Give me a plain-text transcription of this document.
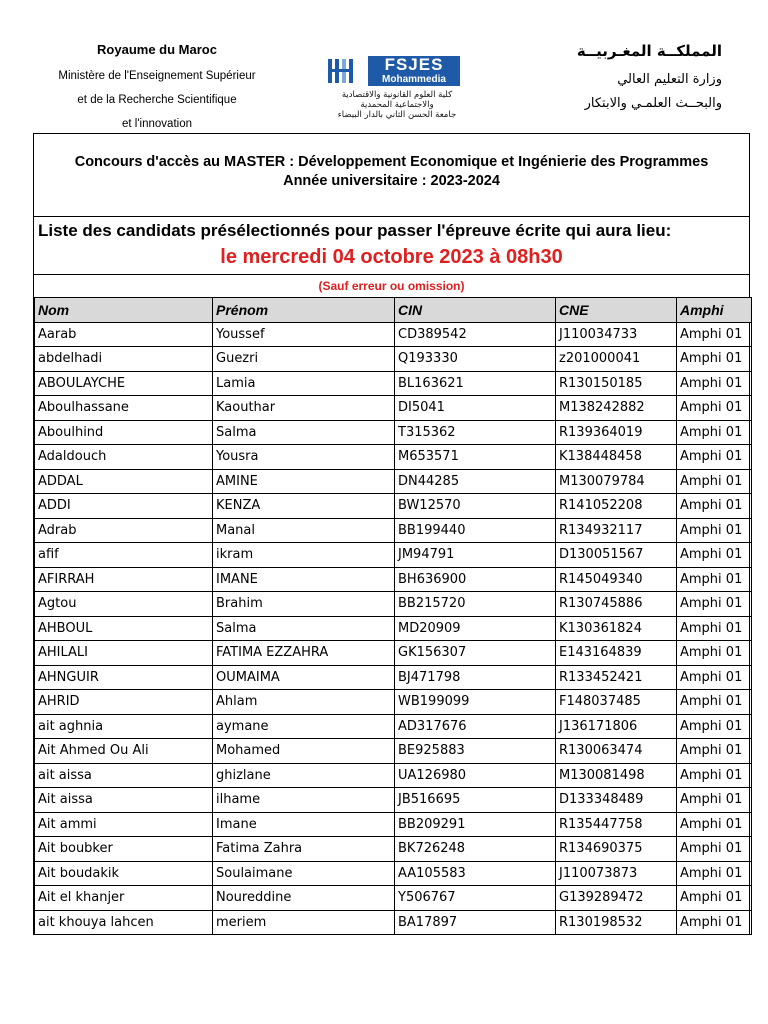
Royaume du Maroc
Ministère de l'Enseignement Supérieur
et de la Recherche Scientifique
et l'innovation
FSJES
Mohammedia
كلية العلوم القانونية والاقتصادية
والاجتماعية المحمدية
جامعة الحسن الثاني بالدار البيضاء
المملكــة المغـربيــة
وزارة التعليم العالي
والبحــث العلمـي والابتكار
Concours d'accès au MASTER : Développement Economique et Ingénierie des Programmes
Année universitaire : 2023-2024
Liste des candidats présélectionnés pour passer l'épreuve écrite qui aura lieu:
le mercredi 04 octobre 2023 à 08h30
(Sauf erreur ou omission)
Nom	Prénom	CIN	CNE	Amphi
Aarab	Youssef	CD389542	J110034733	Amphi 01
abdelhadi	Guezri	Q193330	z201000041	Amphi 01
ABOULAYCHE	Lamia	BL163621	R130150185	Amphi 01
Aboulhassane	Kaouthar	DI5041	M138242882	Amphi 01
Aboulhind	Salma	T315362	R139364019	Amphi 01
Adaldouch	Yousra	M653571	K138448458	Amphi 01
ADDAL	AMINE	DN44285	M130079784	Amphi 01
ADDI	KENZA	BW12570	R141052208	Amphi 01
Adrab	Manal	BB199440	R134932117	Amphi 01
afif	ikram	JM94791	D130051567	Amphi 01
AFIRRAH	IMANE	BH636900	R145049340	Amphi 01
Agtou	Brahim	BB215720	R130745886	Amphi 01
AHBOUL	Salma	MD20909	K130361824	Amphi 01
AHILALI	FATIMA EZZAHRA	GK156307	E143164839	Amphi 01
AHNGUIR	OUMAIMA	BJ471798	R133452421	Amphi 01
AHRID	Ahlam	WB199099	F148037485	Amphi 01
ait aghnia	aymane	AD317676	J136171806	Amphi 01
Ait Ahmed Ou Ali	Mohamed	BE925883	R130063474	Amphi 01
ait aissa	ghizlane	UA126980	M130081498	Amphi 01
Ait aissa	ilhame	JB516695	D133348489	Amphi 01
Ait ammi	Imane	BB209291	R135447758	Amphi 01
Ait boubker	Fatima Zahra	BK726248	R134690375	Amphi 01
Ait boudakik	Soulaimane	AA105583	J110073873	Amphi 01
Ait el khanjer	Noureddine	Y506767	G139289472	Amphi 01
ait khouya lahcen	meriem	BA17897	R130198532	Amphi 01
